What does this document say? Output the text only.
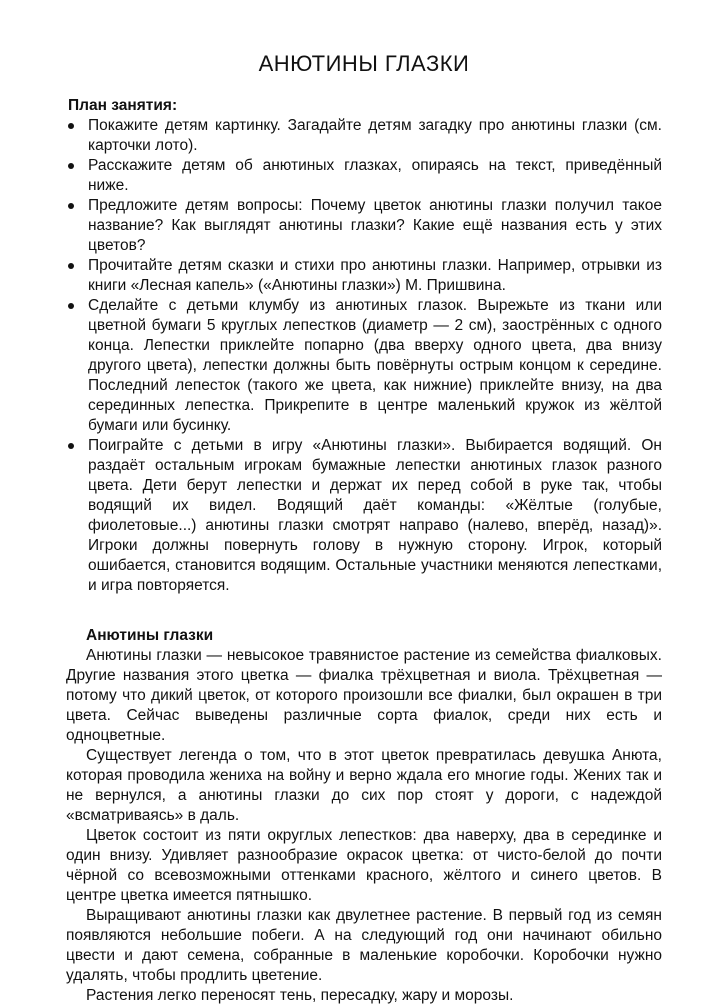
АНЮТИНЫ ГЛАЗКИ
План занятия:
Покажите детям картинку. Загадайте детям загадку про анютины глазки (см. карточки лото).
Расскажите детям об анютиных глазках, опираясь на текст, приведённый ниже.
Предложите детям вопросы: Почему цветок анютины глазки получил такое название? Как выглядят анютины глазки? Какие ещё названия есть у этих цветов?
Прочитайте детям сказки и стихи про анютины глазки. Например, отрывки из книги «Лесная капель» («Анютины глазки») М. Пришвина.
Сделайте с детьми клумбу из анютиных глазок. Вырежьте из ткани или цветной бумаги 5 круглых лепестков (диаметр — 2 см), заострённых с одного конца. Лепестки приклейте попарно (два вверху одного цвета, два внизу другого цвета), лепестки должны быть повёрнуты острым концом к середине. Последний лепесток (такого же цвета, как нижние) приклейте внизу, на два серединных лепестка. Прикрепите в центре маленький кружок из жёлтой бумаги или бусинку.
Поиграйте с детьми в игру «Анютины глазки». Выбирается водящий. Он раздаёт остальным игрокам бумажные лепестки анютиных глазок разного цвета. Дети берут лепестки и держат их перед собой в руке так, чтобы водящий их видел. Водящий даёт команды: «Жёлтые (голубые, фиолетовые...) анютины глазки смотрят направо (налево, вперёд, назад)». Игроки должны повернуть голову в нужную сторону. Игрок, который ошибается, становится водящим. Остальные участники меняются лепестками, и игра повторяется.
Анютины глазки

Анютины глазки — невысокое травянистое растение из семейства фиалковых. Другие названия этого цветка — фиалка трёхцветная и виола. Трёхцветная — потому что дикий цветок, от которого произошли все фиалки, был окрашен в три цвета. Сейчас выведены различные сорта фиалок, среди них есть и одноцветные.

Существует легенда о том, что в этот цветок превратилась девушка Анюта, которая проводила жениха на войну и верно ждала его многие годы. Жених так и не вернулся, а анютины глазки до сих пор стоят у дороги, с надеждой «всматриваясь» в даль.

Цветок состоит из пяти округлых лепестков: два наверху, два в серединке и один внизу. Удивляет разнообразие окрасок цветка: от чисто-белой до почти чёрной со всевозможными оттенками красного, жёлтого и синего цветов. В центре цветка имеется пятнышко.

Выращивают анютины глазки как двулетнее растение. В первый год из семян появляются небольшие побеги. А на следующий год они начинают обильно цвести и дают семена, собранные в маленькие коробочки. Коробочки нужно удалять, чтобы продлить цветение.

Растения легко переносят тень, пересадку, жару и морозы.
